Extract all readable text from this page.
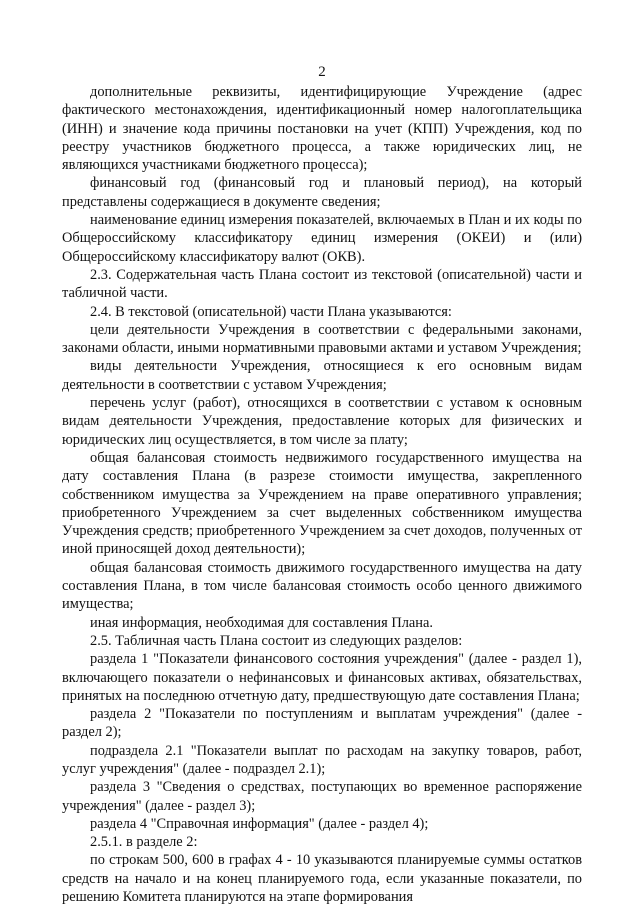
2

дополнительные реквизиты, идентифицирующие Учреждение (адрес фактического местонахождения, идентификационный номер налогоплательщика (ИНН) и значение кода причины постановки на учет (КПП) Учреждения, код по реестру участников бюджетного процесса, а также юридических лиц, не являющихся участниками бюджетного процесса);

финансовый год (финансовый год и плановый период), на который представлены содержащиеся в документе сведения;

наименование единиц измерения показателей, включаемых в План и их коды по Общероссийскому классификатору единиц измерения (ОКЕИ) и (или) Общероссийскому классификатору валют (ОКВ).

2.3. Содержательная часть Плана состоит из текстовой (описательной) части и табличной части.

2.4. В текстовой (описательной) части Плана указываются:

цели деятельности Учреждения в соответствии с федеральными законами, законами области, иными нормативными правовыми актами и уставом Учреждения;

виды деятельности Учреждения, относящиеся к его основным видам деятельности в соответствии с уставом Учреждения;

перечень услуг (работ), относящихся в соответствии с уставом к основным видам деятельности Учреждения, предоставление которых для физических и юридических лиц осуществляется, в том числе за плату;

общая балансовая стоимость недвижимого государственного имущества на дату составления Плана (в разрезе стоимости имущества, закрепленного собственником имущества за Учреждением на праве оперативного управления; приобретенного Учреждением за счет выделенных собственником имущества Учреждения средств; приобретенного Учреждением за счет доходов, полученных от иной приносящей доход деятельности);

общая балансовая стоимость движимого государственного имущества на дату составления Плана, в том числе балансовая стоимость особо ценного движимого имущества;

иная информация, необходимая для составления Плана.

2.5. Табличная часть Плана состоит из следующих разделов:

раздела 1 "Показатели финансового состояния учреждения" (далее - раздел 1), включающего показатели о нефинансовых и финансовых активах, обязательствах, принятых на последнюю отчетную дату, предшествующую дате составления Плана;

раздела 2 "Показатели по поступлениям и выплатам учреждения" (далее - раздел 2);

подраздела 2.1 "Показатели выплат по расходам на закупку товаров, работ, услуг учреждения" (далее - подраздел 2.1);

раздела 3 "Сведения о средствах, поступающих во временное распоряжение учреждения" (далее - раздел 3);

раздела 4 "Справочная информация" (далее - раздел 4);

2.5.1. в разделе 2:

по строкам 500, 600 в графах 4 - 10 указываются планируемые суммы остатков средств на начало и на конец планируемого года, если указанные показатели, по решению Комитета планируются на этапе формирования
